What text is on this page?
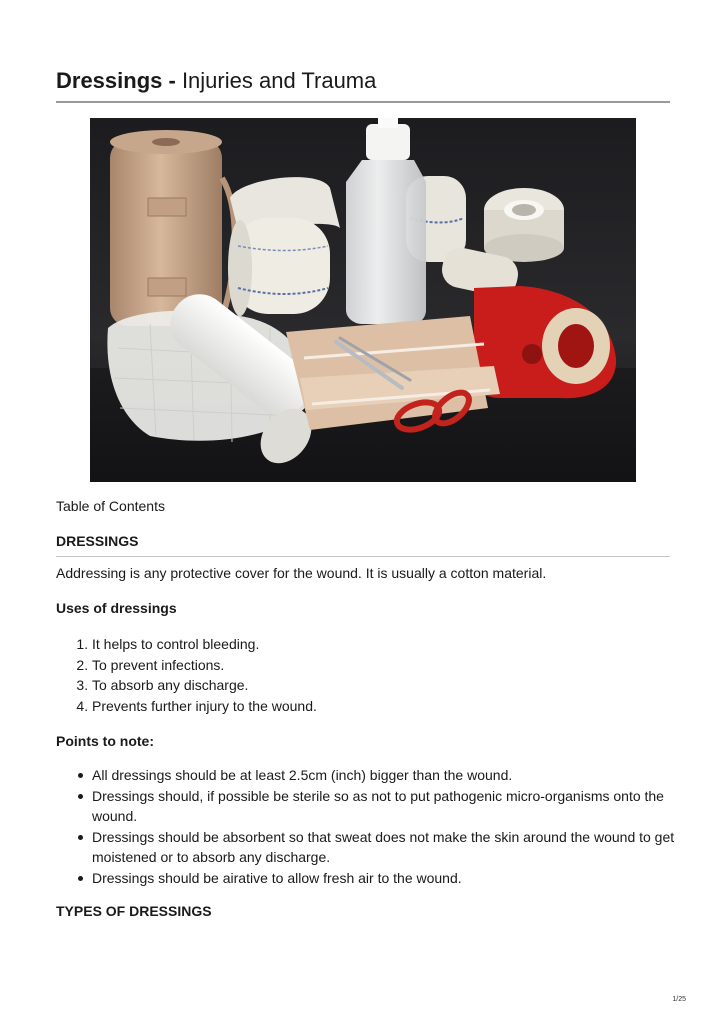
Dressings - Injuries and Trauma
Table of Contents
DRESSINGS
Addressing is any protective cover for the wound. It is usually a cotton material.
Uses of dressings
1. It helps to control bleeding.
2. To prevent infections.
3. To absorb any discharge.
4. Prevents further injury to the wound.
Points to note:
All dressings should be at least 2.5cm (inch) bigger than the wound.
Dressings should, if possible be sterile so as not to put pathogenic micro-organisms onto the wound.
Dressings should be absorbent so that sweat does not make the skin around the wound to get moistened or to absorb any discharge.
Dressings should be airative to allow fresh air to the wound.
TYPES OF DRESSINGS
1/25
